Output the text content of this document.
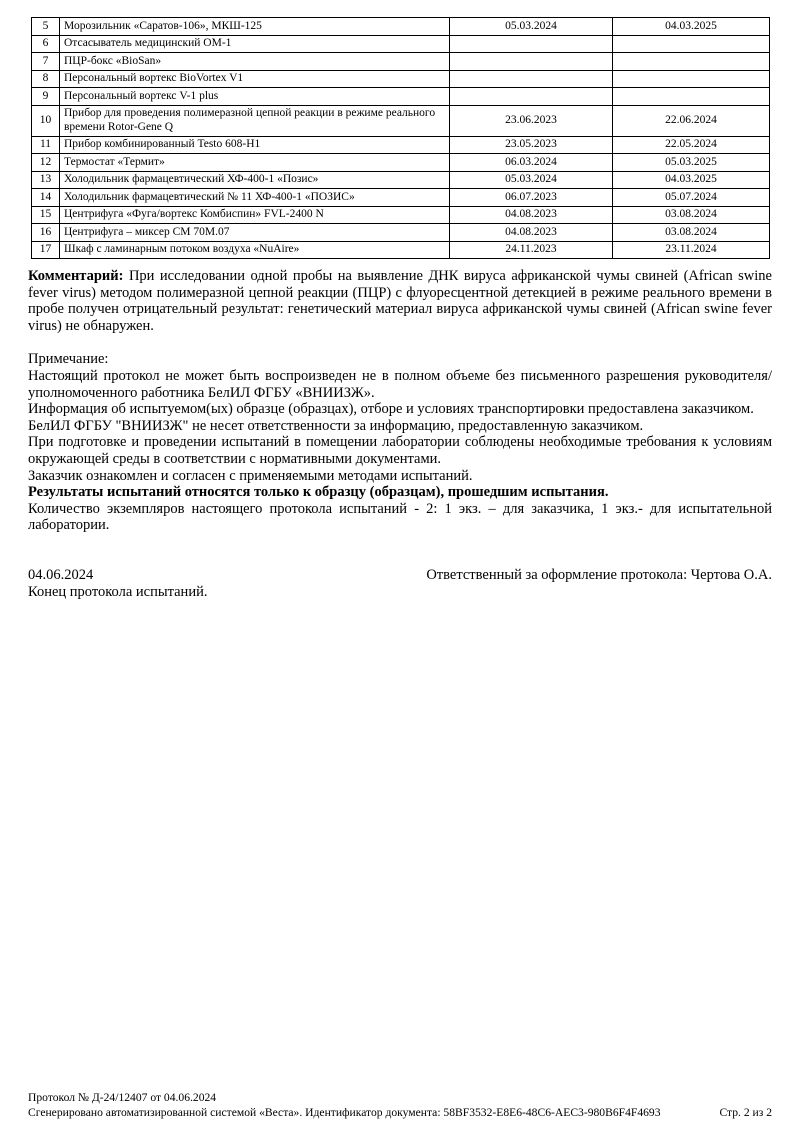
5	Морозильник «Саратов-106», МКШ-125	05.03.2024	04.03.2025
6	Отсасыватель медицинский ОМ-1		
7	ПЦР-бокс «BioSan»		
8	Персональный вортекс BioVortex V1		
9	Персональный вортекс V-1 plus		
10	Прибор для проведения полимеразной цепной реакции в режиме реального времени Rotor-Gene Q	23.06.2023	22.06.2024
11	Прибор комбинированный Testo 608-H1	23.05.2023	22.05.2024
12	Термостат «Термит»	06.03.2024	05.03.2025
13	Холодильник фармацевтический ХФ-400-1 «Позис»	05.03.2024	04.03.2025
14	Холодильник фармацевтический № 11 ХФ-400-1 «ПОЗИС»	06.07.2023	05.07.2024
15	Центрифуга «Фуга/вортекс Комбиспин» FVL-2400 N	04.08.2023	03.08.2024
16	Центрифуга – миксер СМ 70М.07	04.08.2023	03.08.2024
17	Шкаф с ламинарным потоком воздуха «NuAire»	24.11.2023	23.11.2024

Комментарий: При исследовании одной пробы на выявление ДНК вируса африканской чумы свиней (African swine fever virus) методом полимеразной цепной реакции (ПЦР) с флуоресцентной детекцией в режиме реального времени в пробе получен отрицательный результат: генетический материал вируса африканской чумы свиней (African swine fever virus) не обнаружен.

Примечание:

Настоящий протокол не может быть воспроизведен не в полном объеме без письменного разрешения руководителя/уполномоченного работника БелИЛ ФГБУ «ВНИИЗЖ».

Информация об испытуемом(ых) образце (образцах), отборе и условиях транспортировки предоставлена заказчиком.

БелИЛ ФГБУ "ВНИИЗЖ" не несет ответственности за информацию, предоставленную заказчиком.

При подготовке и проведении испытаний в помещении лаборатории соблюдены необходимые требования к условиям окружающей среды в соответствии с нормативными документами.

Заказчик ознакомлен и согласен с применяемыми методами испытаний.

Результаты испытаний относятся только к образцу (образцам), прошедшим испытания.

Количество экземпляров настоящего протокола испытаний - 2: 1 экз. – для заказчика, 1 экз.- для испытательной лаборатории.

04.06.2024	Ответственный за оформление протокола: Чертова О.А.

Конец протокола испытаний.

Протокол № Д-24/12407 от 04.06.2024
Сгенерировано автоматизированной системой «Веста». Идентификатор документа: 58BF3532-E8E6-48C6-AEC3-980B6F4F4693	Стр. 2 из 2
